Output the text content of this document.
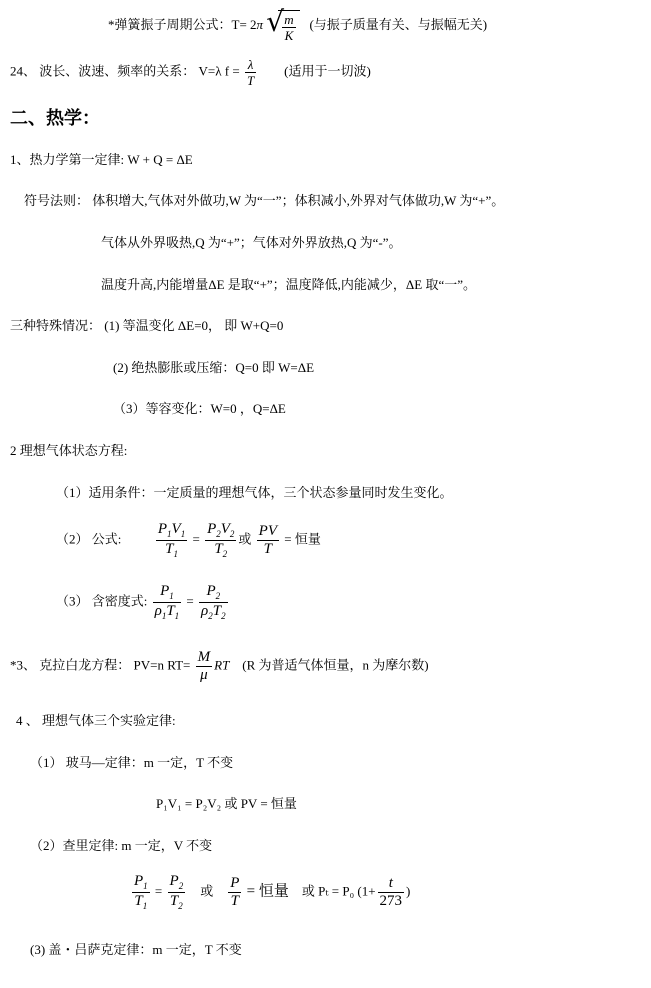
*弹簧振子周期公式：T= 2π √
$\frac{m}{K}$ (与振子质量有关、与振幅无关)
24、 波长、波速、频率的关系： V=λ $f = \frac{\lambda}{T}$ (适用于一切波)
二、热学：
1、热力学第一定律: W + Q = ΔE
符号法则： 体积增大,气体对外做功,W 为“一”；体积减小,外界对气体做功,W 为“+”。
气体从外界吸热,Q 为“+”；气体对外界放热,Q 为“-”。
温度升高,内能增量ΔE 是取“+”；温度降低,内能减少，ΔE 取“一”。
三种特殊情况： (1) 等温变化 ΔE=0， 即 W+Q=0
(2) 绝热膨胀或压缩：Q=0 即 W=ΔE
（3）等容变化：W=0 ，Q=ΔE
2 理想气体状态方程:
（1）适用条件：一定质量的理想气体，三个状态参量同时发生变化。
（2） 公式: $\frac{P_1V_1}{T_1} = \frac{P_2V_2}{T_2}$ 或 $\frac{PV}{T}$ = 恒量
（3） 含密度式: $\frac{P_1}{\rho_1T_1} = \frac{P_2}{\rho_2T_2}$
*3、 克拉白龙方程： PV=n $RT= \frac{M}{\mu}$ RT (R 为普适气体恒量，n 为摩尔数)
4 、 理想气体三个实验定律:
（1） 玻马—定律：m 一定，T 不变
P₁V₁ = P₂V₂ 或 PV = 恒量
（2）查里定律: m 一定，V 不变
$\frac{P_1}{T_1} = \frac{P_2}{T_2}$ 或 $\frac{P}{T}$ = 恒量 或 Pₜ = P₀ ($1+ \frac{t}{273}$ )
(3) 盖・吕萨克定律：m 一定，T 不变
